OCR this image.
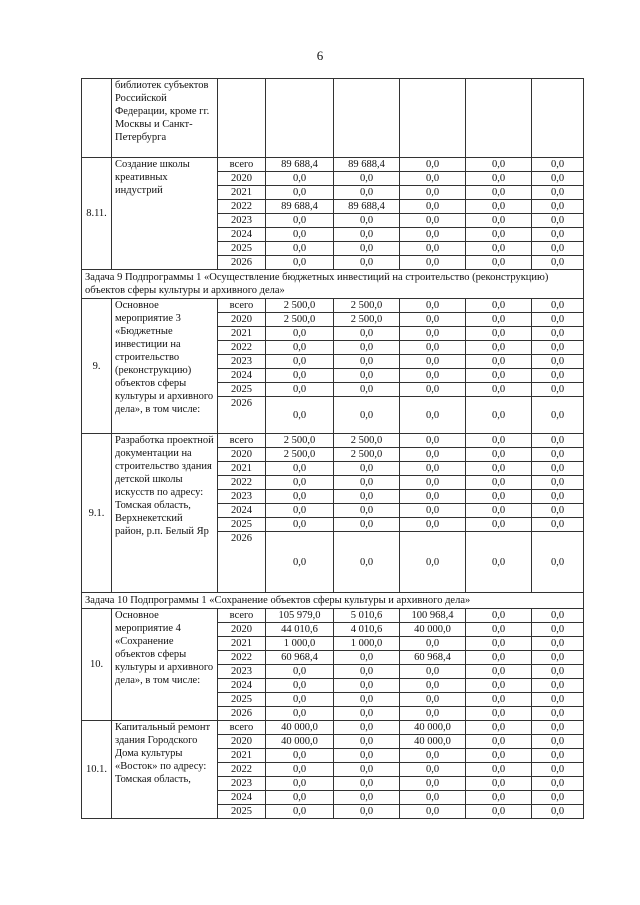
6
	библиотек субъектов Российской Федерации, кроме гг. Москвы и Санкт-Петербурга						
8.11.	Создание школы креативных индустрий	всего	89 688,4	89 688,4	0,0	0,0	0,0
		2020	0,0	0,0	0,0	0,0	0,0
		2021	0,0	0,0	0,0	0,0	0,0
		2022	89 688,4	89 688,4	0,0	0,0	0,0
		2023	0,0	0,0	0,0	0,0	0,0
		2024	0,0	0,0	0,0	0,0	0,0
		2025	0,0	0,0	0,0	0,0	0,0
		2026	0,0	0,0	0,0	0,0	0,0
Задача 9 Подпрограммы 1 «Осуществление бюджетных инвестиций на строительство (реконструкцию) объектов сферы культуры и архивного дела»							
9.	Основное мероприятие 3 «Бюджетные инвестиции на строительство (реконструкцию) объектов сферы культуры и архивного дела», в том числе:	всего	2 500,0	2 500,0	0,0	0,0	0,0
		2020	2 500,0	2 500,0	0,0	0,0	0,0
		2021	0,0	0,0	0,0	0,0	0,0
		2022	0,0	0,0	0,0	0,0	0,0
		2023	0,0	0,0	0,0	0,0	0,0
		2024	0,0	0,0	0,0	0,0	0,0
		2025	0,0	0,0	0,0	0,0	0,0
		2026	0,0	0,0	0,0	0,0	0,0
9.1.	Разработка проектной документации на строительство здания детской школы искусств по адресу: Томская область, Верхнекетский район, р.п. Белый Яр	всего	2 500,0	2 500,0	0,0	0,0	0,0
		2020	2 500,0	2 500,0	0,0	0,0	0,0
		2021	0,0	0,0	0,0	0,0	0,0
		2022	0,0	0,0	0,0	0,0	0,0
		2023	0,0	0,0	0,0	0,0	0,0
		2024	0,0	0,0	0,0	0,0	0,0
		2025	0,0	0,0	0,0	0,0	0,0
		2026	0,0	0,0	0,0	0,0	0,0
Задача 10 Подпрограммы 1 «Сохранение объектов сферы культуры и архивного дела»							
10.	Основное мероприятие 4 «Сохранение объектов сферы культуры и архивного дела», в том числе:	всего	105 979,0	5 010,6	100 968,4	0,0	0,0
		2020	44 010,6	4 010,6	40 000,0	0,0	0,0
		2021	1 000,0	1 000,0	0,0	0,0	0,0
		2022	60 968,4	0,0	60 968,4	0,0	0,0
		2023	0,0	0,0	0,0	0,0	0,0
		2024	0,0	0,0	0,0	0,0	0,0
		2025	0,0	0,0	0,0	0,0	0,0
		2026	0,0	0,0	0,0	0,0	0,0
10.1.	Капитальный ремонт здания Городского Дома культуры «Восток» по адресу: Томская область,	всего	40 000,0	0,0	40 000,0	0,0	0,0
		2020	40 000,0	0,0	40 000,0	0,0	0,0
		2021	0,0	0,0	0,0	0,0	0,0
		2022	0,0	0,0	0,0	0,0	0,0
		2023	0,0	0,0	0,0	0,0	0,0
		2024	0,0	0,0	0,0	0,0	0,0
		2025	0,0	0,0	0,0	0,0	0,0
